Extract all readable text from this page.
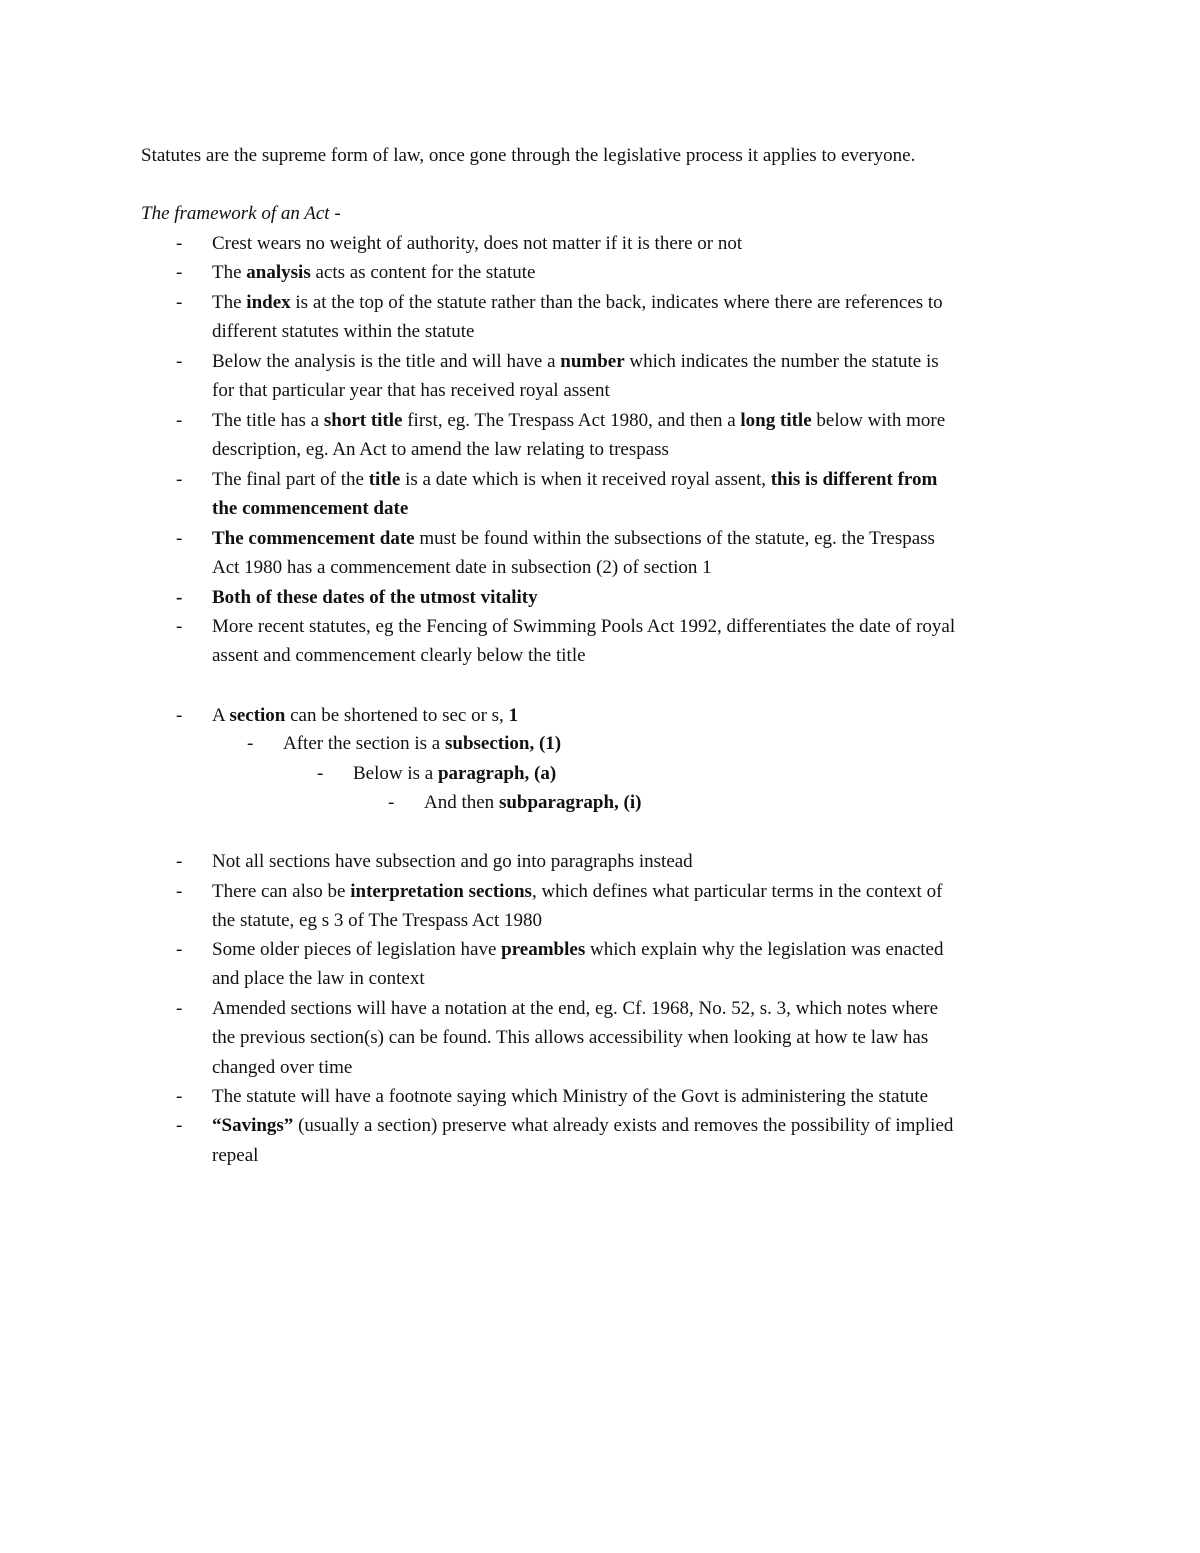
Statutes are the supreme form of law, once gone through the legislative process it applies to everyone.
The framework of an Act -
- Crest wears no weight of authority, does not matter if it is there or not
- The analysis acts as content for the statute
- The index is at the top of the statute rather than the back, indicates where there are references to
different statutes within the statute
- Below the analysis is the title and will have a number which indicates the number the statute is
for that particular year that has received royal assent
- The title has a short title first, eg. The Trespass Act 1980, and then a long title below with more
description, eg. An Act to amend the law relating to trespass
- The final part of the title is a date which is when it received royal assent, this is different from
the commencement date
- The commencement date must be found within the subsections of the statute, eg. the Trespass
Act 1980 has a commencement date in subsection (2) of section 1
- Both of these dates of the utmost vitality
- More recent statutes, eg the Fencing of Swimming Pools Act 1992, differentiates the date of royal
assent and commencement clearly below the title
- A section can be shortened to sec or s, 1
- After the section is a subsection, (1)
- Below is a paragraph, (a)
- And then subparagraph, (i)
- Not all sections have subsection and go into paragraphs instead
- There can also be interpretation sections, which defines what particular terms in the context of
the statute, eg s 3 of The Trespass Act 1980
- Some older pieces of legislation have preambles which explain why the legislation was enacted
and place the law in context
- Amended sections will have a notation at the end, eg. Cf. 1968, No. 52, s. 3, which notes where
the previous section(s) can be found. This allows accessibility when looking at how te law has
changed over time
- The statute will have a footnote saying which Ministry of the Govt is administering the statute
- “Savings” (usually a section) preserve what already exists and removes the possibility of implied
repeal
